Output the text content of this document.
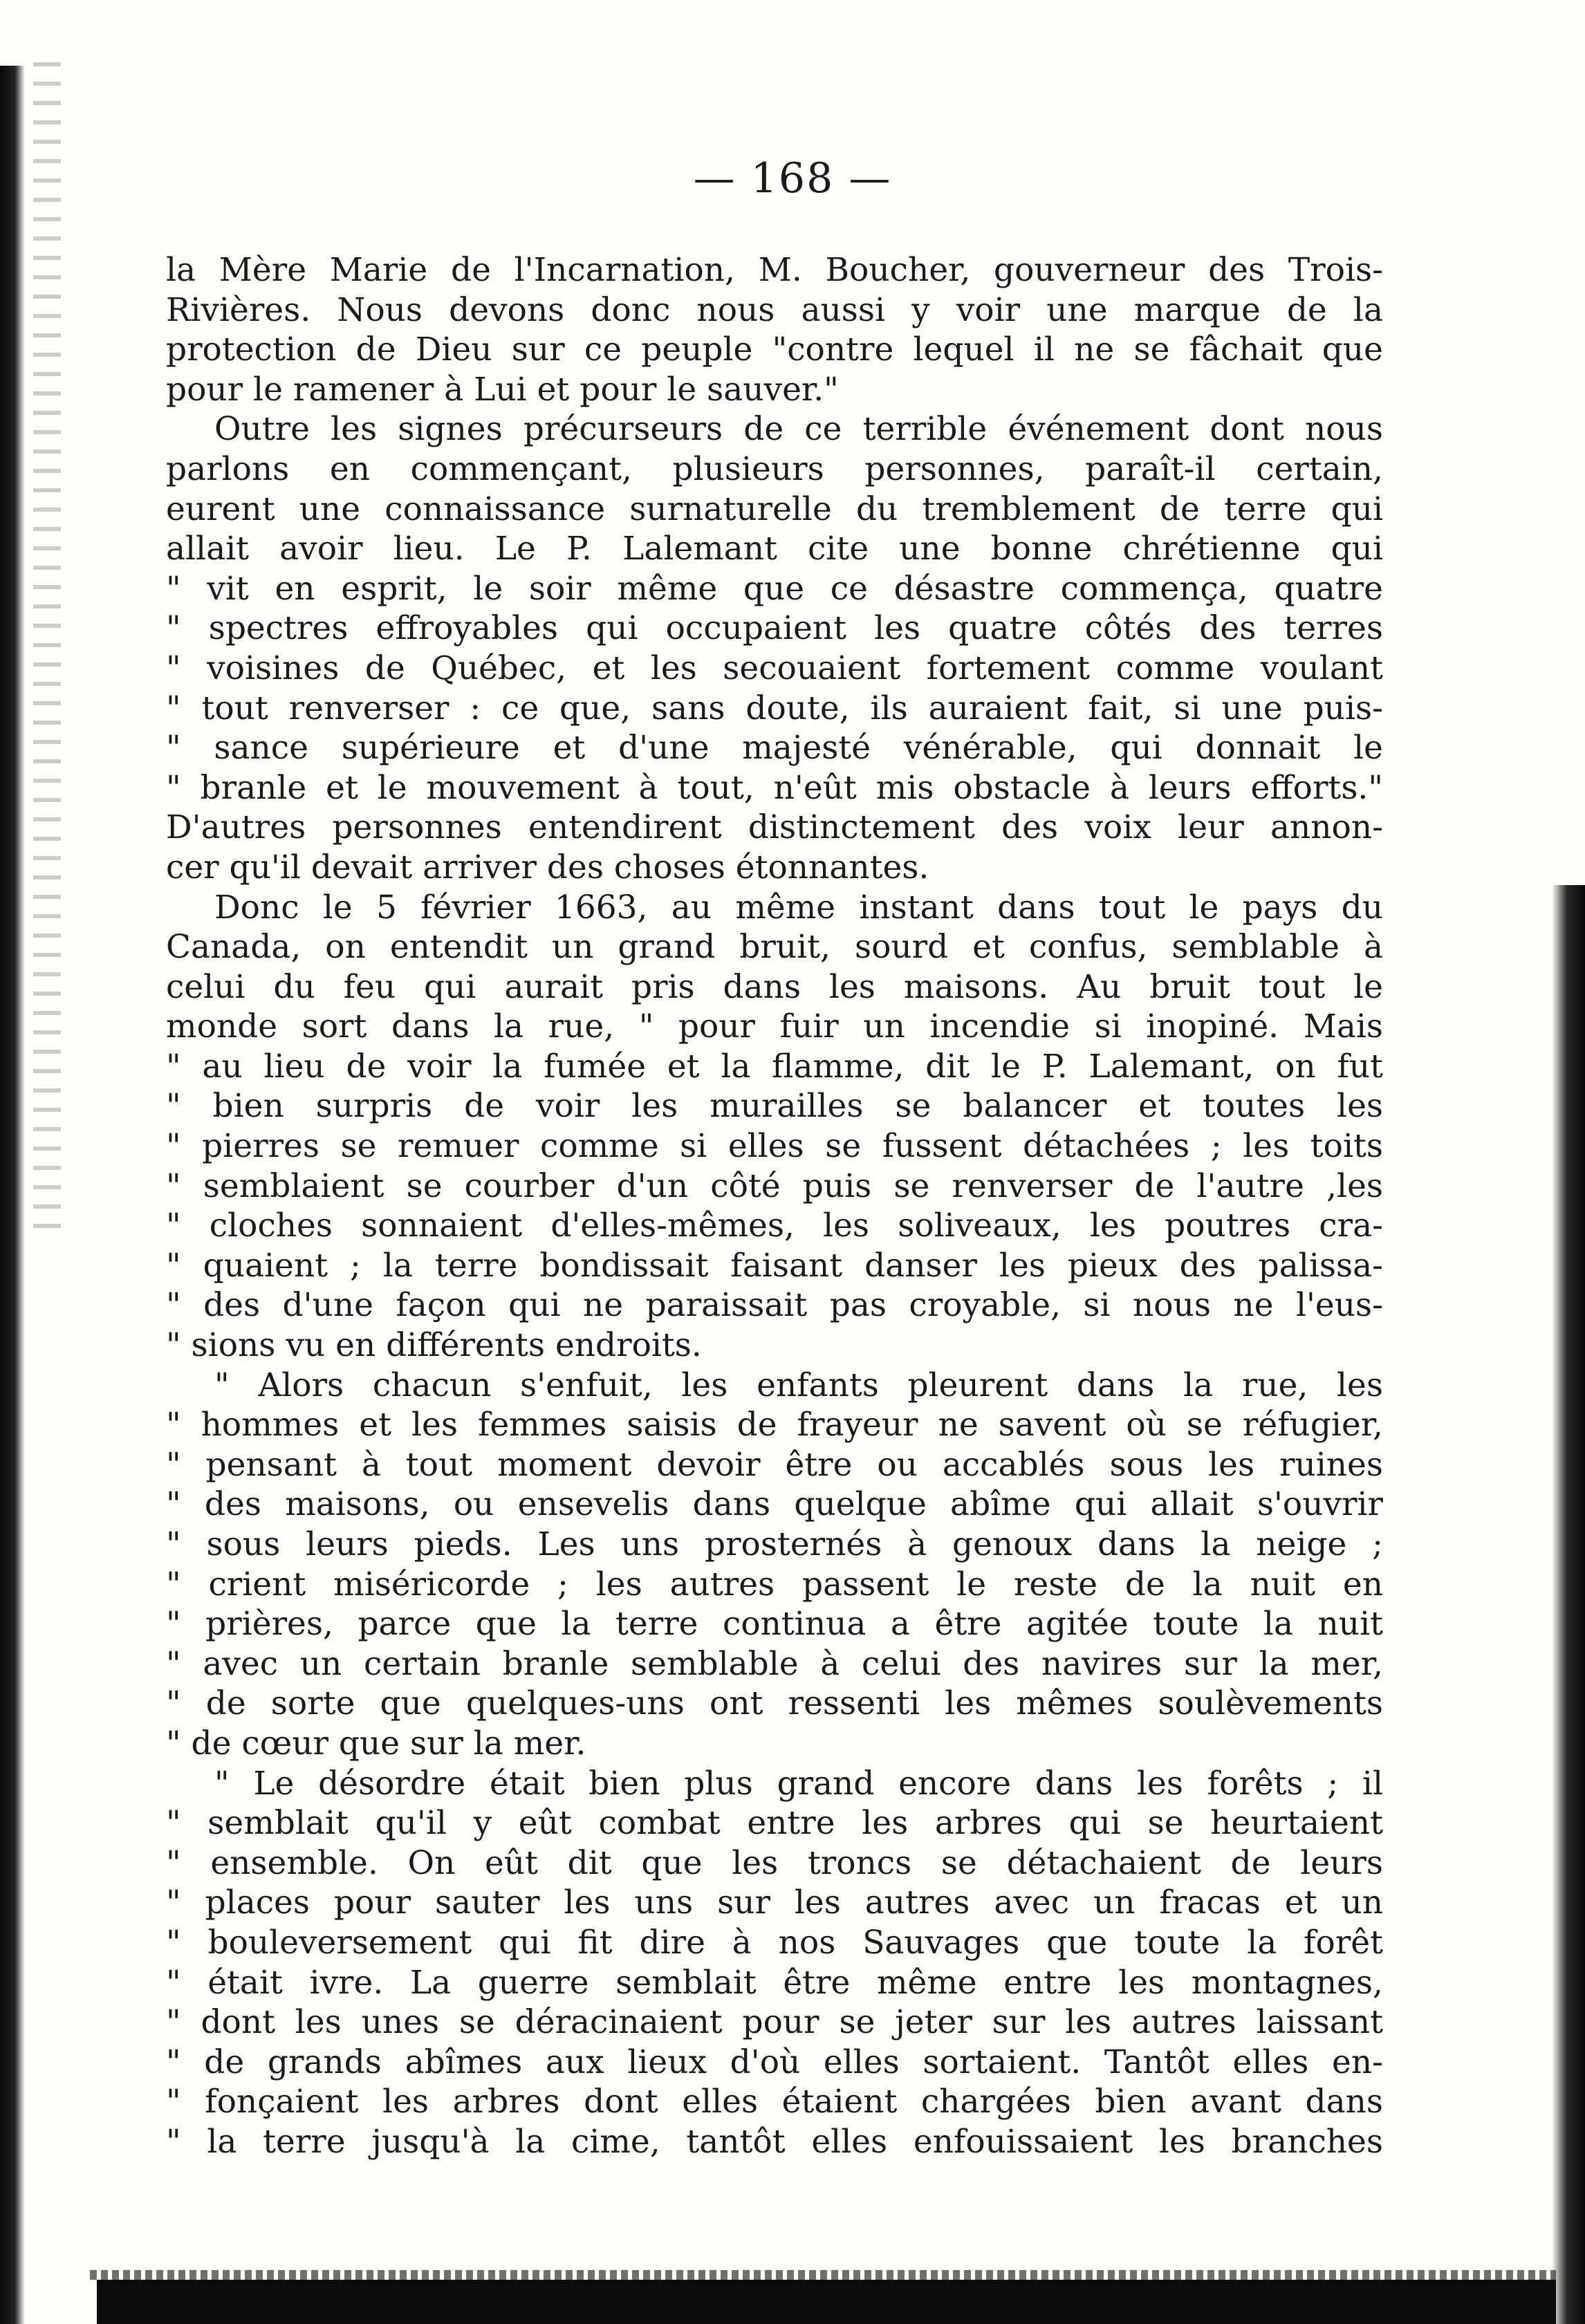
— 168 —
la Mère Marie de l'Incarnation, M. Boucher, gouverneur des Trois-
Rivières. Nous devons donc nous aussi y voir une marque de la
protection de Dieu sur ce peuple "contre lequel il ne se fâchait que
pour le ramener à Lui et pour le sauver."
Outre les signes précurseurs de ce terrible événement dont nous
parlons en commençant, plusieurs personnes, paraît-il certain,
eurent une connaissance surnaturelle du tremblement de terre qui
allait avoir lieu. Le P. Lalemant cite une bonne chrétienne qui
" vit en esprit, le soir même que ce désastre commença, quatre
" spectres effroyables qui occupaient les quatre côtés des terres
" voisines de Québec, et les secouaient fortement comme voulant
" tout renverser : ce que, sans doute, ils auraient fait, si une puis-
" sance supérieure et d'une majesté vénérable, qui donnait le
" branle et le mouvement à tout, n'eût mis obstacle à leurs efforts."
D'autres personnes entendirent distinctement des voix leur annon-
cer qu'il devait arriver des choses étonnantes.
Donc le 5 février 1663, au même instant dans tout le pays du
Canada, on entendit un grand bruit, sourd et confus, semblable à
celui du feu qui aurait pris dans les maisons. Au bruit tout le
monde sort dans la rue, " pour fuir un incendie si inopiné. Mais
" au lieu de voir la fumée et la flamme, dit le P. Lalemant, on fut
" bien surpris de voir les murailles se balancer et toutes les
" pierres se remuer comme si elles se fussent détachées ; les toits
" semblaient se courber d'un côté puis se renverser de l'autre ,les
" cloches sonnaient d'elles-mêmes, les soliveaux, les poutres cra-
" quaient ; la terre bondissait faisant danser les pieux des palissa-
" des d'une façon qui ne paraissait pas croyable, si nous ne l'eus-
" sions vu en différents endroits.
" Alors chacun s'enfuit, les enfants pleurent dans la rue, les
" hommes et les femmes saisis de frayeur ne savent où se réfugier,
" pensant à tout moment devoir être ou accablés sous les ruines
" des maisons, ou ensevelis dans quelque abîme qui allait s'ouvrir
" sous leurs pieds. Les uns prosternés à genoux dans la neige ;
" crient miséricorde ; les autres passent le reste de la nuit en
" prières, parce que la terre continua a être agitée toute la nuit
" avec un certain branle semblable à celui des navires sur la mer,
" de sorte que quelques-uns ont ressenti les mêmes soulèvements
" de cœur que sur la mer.
" Le désordre était bien plus grand encore dans les forêts ; il
" semblait qu'il y eût combat entre les arbres qui se heurtaient
" ensemble. On eût dit que les troncs se détachaient de leurs
" places pour sauter les uns sur les autres avec un fracas et un
" bouleversement qui fit dire à nos Sauvages que toute la forêt
" était ivre. La guerre semblait être même entre les montagnes,
" dont les unes se déracinaient pour se jeter sur les autres laissant
" de grands abîmes aux lieux d'où elles sortaient. Tantôt elles en-
" fonçaient les arbres dont elles étaient chargées bien avant dans
" la terre jusqu'à la cime, tantôt elles enfouissaient les branches
